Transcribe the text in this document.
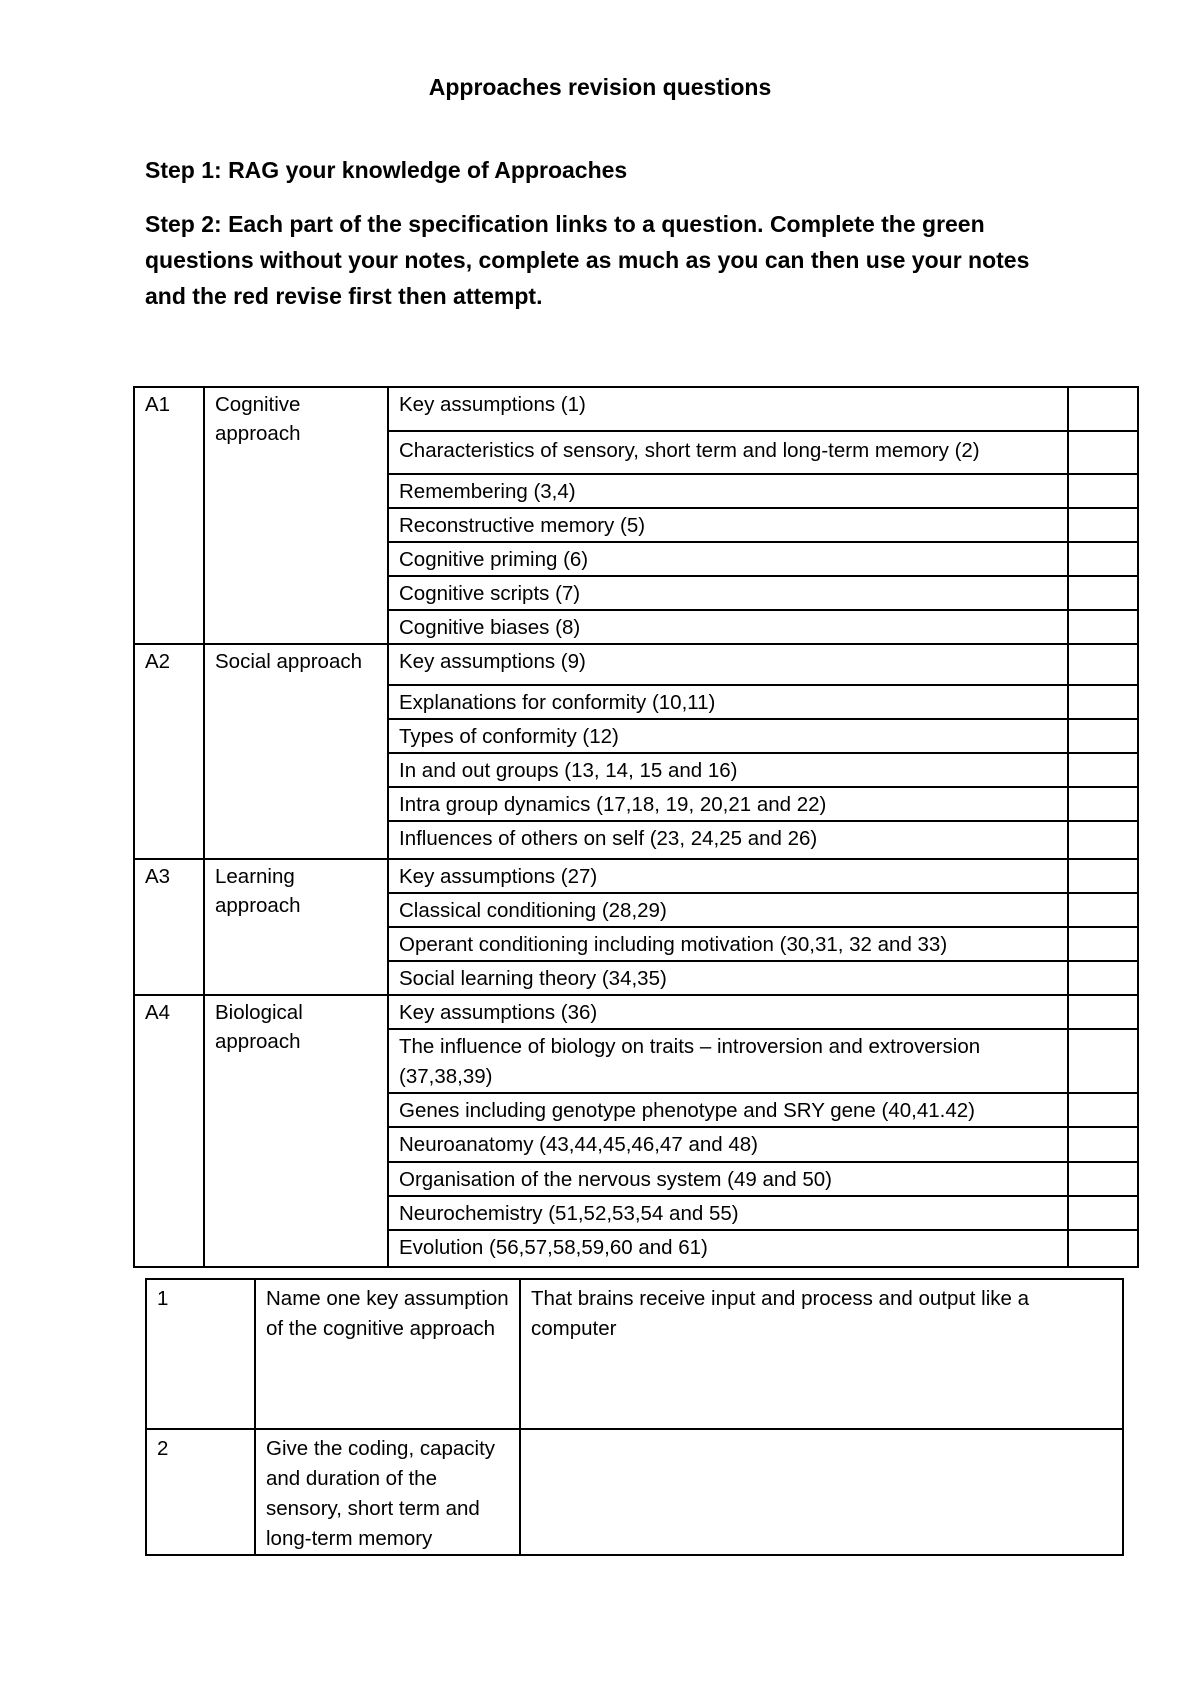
Approaches revision questions

Step 1: RAG your knowledge of Approaches

Step 2: Each part of the specification links to a question. Complete the green questions without your notes, complete as much as you can then use your notes and the red revise first then attempt.

A1	Cognitive approach	Key assumptions (1)	
		Characteristics of sensory, short term and long-term memory (2)	
		Remembering (3,4)	
		Reconstructive memory (5)	
		Cognitive priming (6)	
		Cognitive scripts (7)	
		Cognitive biases (8)	
A2	Social approach	Key assumptions (9)	
		Explanations for conformity (10,11)	
		Types of conformity (12)	
		In and out groups (13, 14, 15 and 16)	
		Intra group dynamics (17,18, 19, 20,21 and 22)	
		Influences of others on self (23, 24,25 and 26)	
A3	Learning approach	Key assumptions (27)	
		Classical conditioning (28,29)	
		Operant conditioning including motivation (30,31, 32 and 33)	
		Social learning theory (34,35)	
A4	Biological approach	Key assumptions (36)	
		The influence of biology on traits – introversion and extroversion (37,38,39)	
		Genes including genotype phenotype and SRY gene (40,41.42)	
		Neuroanatomy (43,44,45,46,47 and 48)	
		Organisation of the nervous system (49 and 50)	
		Neurochemistry (51,52,53,54 and 55)	
		Evolution (56,57,58,59,60 and 61)	
1	Name one key assumption of the cognitive approach	That brains receive input and process and output like a computer
2	Give the coding, capacity and duration of the sensory, short term and long-term memory	
